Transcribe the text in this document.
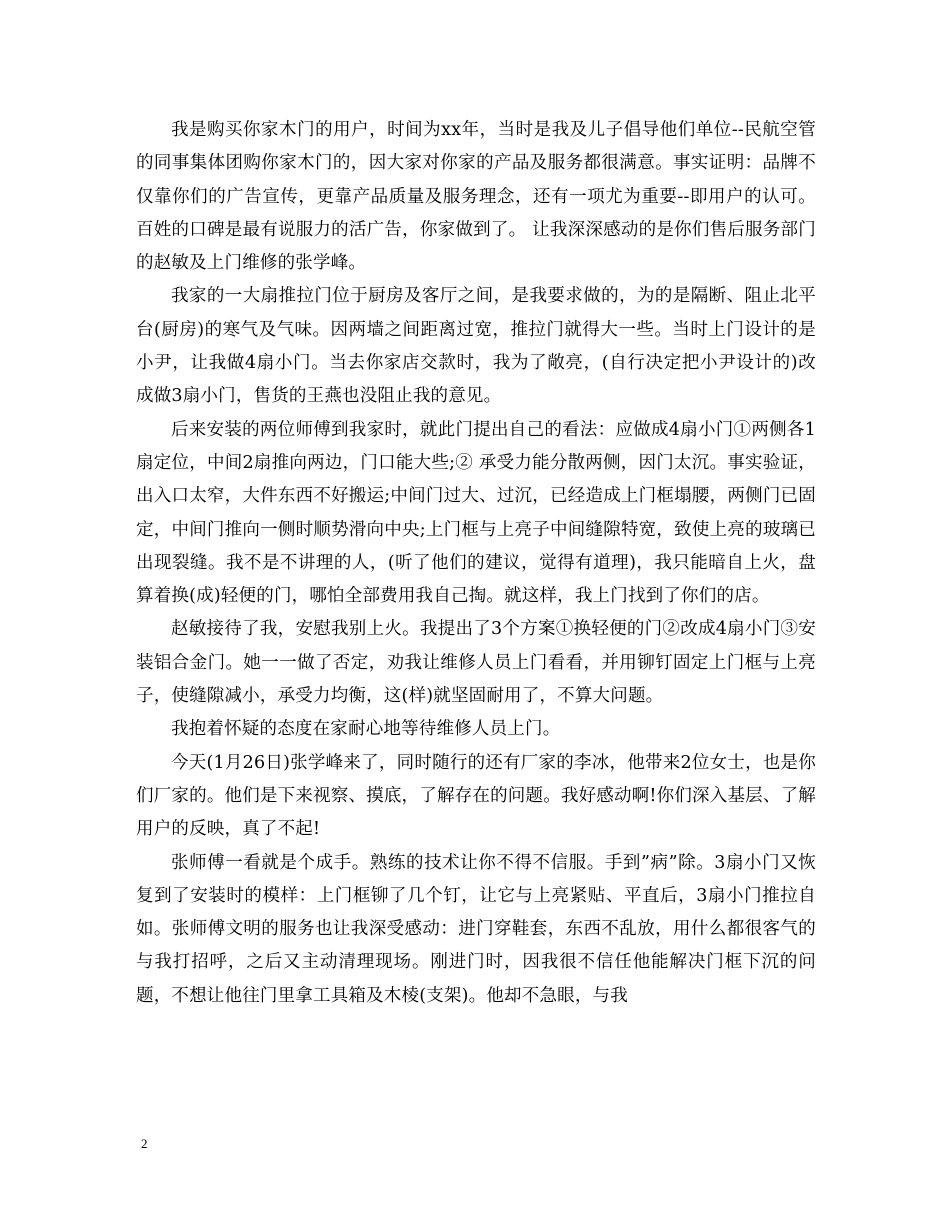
我是购买你家木门的用户，时间为xx年，当时是我及儿子倡导他们单位--民航空管的同事集体团购你家木门的，因大家对你家的产品及服务都很满意。事实证明：品牌不仅靠你们的广告宣传，更靠产品质量及服务理念，还有一项尤为重要--即用户的认可。百姓的口碑是最有说服力的活广告，你家做到了。 让我深深感动的是你们售后服务部门的赵敏及上门维修的张学峰。

我家的一大扇推拉门位于厨房及客厅之间，是我要求做的，为的是隔断、阻止北平台(厨房)的寒气及气味。因两墙之间距离过宽，推拉门就得大一些。当时上门设计的是小尹，让我做4扇小门。当去你家店交款时，我为了敞亮，(自行决定把小尹设计的)改成做3扇小门，售货的王燕也没阻止我的意见。

后来安装的两位师傅到我家时，就此门提出自己的看法：应做成4扇小门①两侧各1扇定位，中间2扇推向两边，门口能大些;② 承受力能分散两侧，因门太沉。事实验证，出入口太窄，大件东西不好搬运;中间门过大、过沉，已经造成上门框塌腰，两侧门已固定，中间门推向一侧时顺势滑向中央;上门框与上亮子中间缝隙特宽，致使上亮的玻璃已出现裂缝。我不是不讲理的人，(听了他们的建议，觉得有道理)，我只能暗自上火，盘算着换(成)轻便的门，哪怕全部费用我自己掏。就这样，我上门找到了你们的店。

赵敏接待了我，安慰我别上火。我提出了3个方案①换轻便的门②改成4扇小门③安装铝合金门。她一一做了否定，劝我让维修人员上门看看，并用铆钉固定上门框与上亮子，使缝隙减小，承受力均衡，这(样)就坚固耐用了，不算大问题。

我抱着怀疑的态度在家耐心地等待维修人员上门。

今天(1月26日)张学峰来了，同时随行的还有厂家的李冰，他带来2位女士，也是你们厂家的。他们是下来视察、摸底，了解存在的问题。我好感动啊!你们深入基层、了解用户的反映，真了不起!

张师傅一看就是个成手。熟练的技术让你不得不信服。手到”病”除。3扇小门又恢复到了安装时的模样：上门框铆了几个钉，让它与上亮紧贴、平直后，3扇小门推拉自如。张师傅文明的服务也让我深受感动：进门穿鞋套，东西不乱放，用什么都很客气的与我打招呼，之后又主动清理现场。刚进门时，因我很不信任他能解决门框下沉的问题，不想让他往门里拿工具箱及木棱(支架)。他却不急眼，与我

2
